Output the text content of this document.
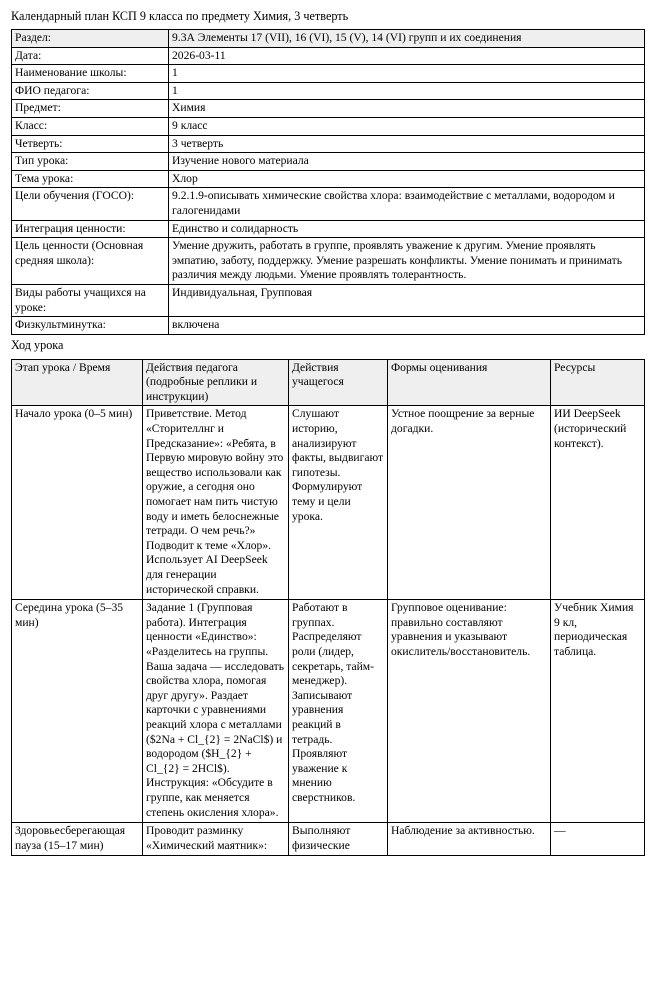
Календарный план КСП 9 класса по предмету Химия, 3 четверть
Раздел:	9.3А Элементы 17 (VII), 16 (VI), 15 (V), 14 (VI) групп и их соединения
Дата:	2026-03-11
Наименование школы:	1
ФИО педагога:	1
Предмет:	Химия
Класс:	9 класс
Четверть:	3 четверть
Тип урока:	Изучение нового материала
Тема урока:	Хлор
Цели обучения (ГОСО):	9.2.1.9-описывать химические свойства хлора: взаимодействие с металлами, водородом и галогенидами
Интеграция ценности:	Единство и солидарность
Цель ценности (Основная средняя школа):	Умение дружить, работать в группе, проявлять уважение к другим. Умение проявлять эмпатию, заботу, поддержку. Умение разрешать конфликты. Умение понимать и принимать различия между людьми. Умение проявлять толерантность.
Виды работы учащихся на уроке:	Индивидуальная, Групповая
Физкультминутка:	включена
Ход урока
Этап урока / Время	Действия педагога (подробные реплики и инструкции)	Действия учащегося	Формы оценивания	Ресурсы
Начало урока (0–5 мин)	Приветствие. Метод «Сторителлнг и Предсказание»: «Ребята, в Первую мировую войну это вещество использовали как оружие, а сегодня оно помогает нам пить чистую воду и иметь белоснежные тетради. О чем речь?» Подводит к теме «Хлор». Использует AI DeepSeek для генерации исторической справки.	Слушают историю, анализируют факты, выдвигают гипотезы. Формулируют тему и цели урока.	Устное поощрение за верные догадки.	ИИ DeepSeek (исторический контекст).
Середина урока (5–35 мин)	Задание 1 (Групповая работа). Интеграция ценности «Единство»: «Разделитесь на группы. Ваша задача — исследовать свойства хлора, помогая друг другу». Раздает карточки с уравнениями реакций хлора с металлами ($2Na + Cl_{2} = 2NaCl$) и водородом ($H_{2} + Cl_{2} = 2HCl$). Инструкция: «Обсудите в группе, как меняется степень окисления хлора».	Работают в группах. Распределяют роли (лидер, секретарь, тайм-менеджер). Записывают уравнения реакций в тетрадь. Проявляют уважение к мнению сверстников.	Групповое оценивание: правильно составляют уравнения и указывают окислитель/восстановитель.	Учебник Химия 9 кл, периодическая таблица.
Здоровьесберегающая пауза (15–17 мин)	Проводит разминку «Химический маятник»:	Выполняют физические	Наблюдение за активностью.	—
